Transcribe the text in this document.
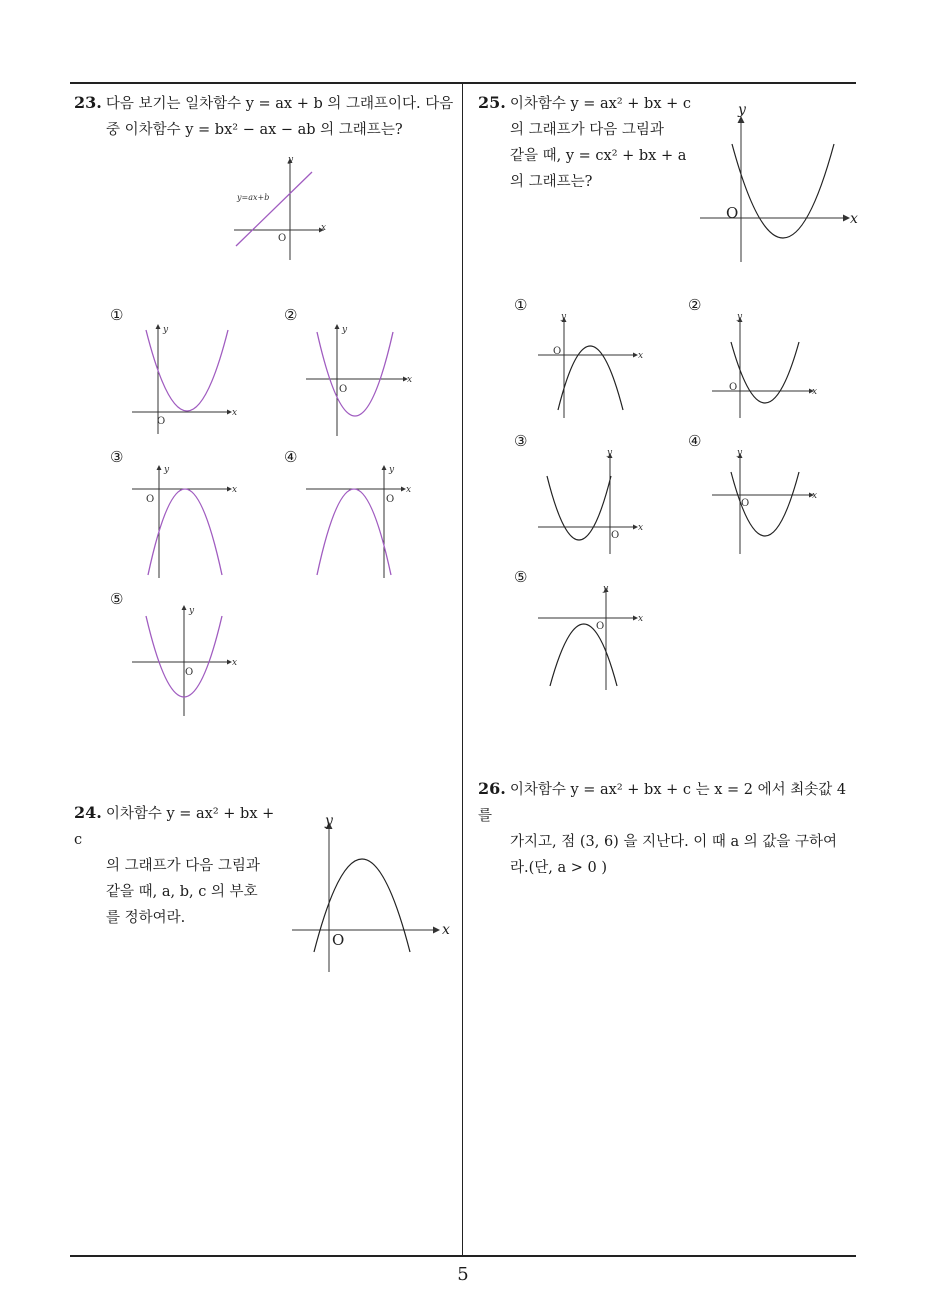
23. 다음 보기는 일차함수 y = ax + b 의 그래프이다. 다음
중 이차함수 y = bx² − ax − ab 의 그래프는?
x
y
O
y=ax+b
①
x
y
O
②
x
y
O
③
x
y
O
④
x
y
O
⑤
x
y
O
24. 이차함수 y = ax² + bx + c
의 그래프가 다음 그림과
같을 때, a, b, c 의 부호
를 정하여라.
x
y
O
25. 이차함수 y = ax² + bx + c
의 그래프가 다음 그림과
같을 때, y = cx² + bx + a
의 그래프는?
x
y
O
①
x
y
O
②
x
y
O
③
x
y
O
④
x
y
O
⑤
x
y
O
26. 이차함수 y = ax² + bx + c 는 x = 2 에서 최솟값 4 를
가지고, 점 (3, 6) 을 지난다. 이 때 a 의 값을 구하여
라.(단, a > 0 )
5
